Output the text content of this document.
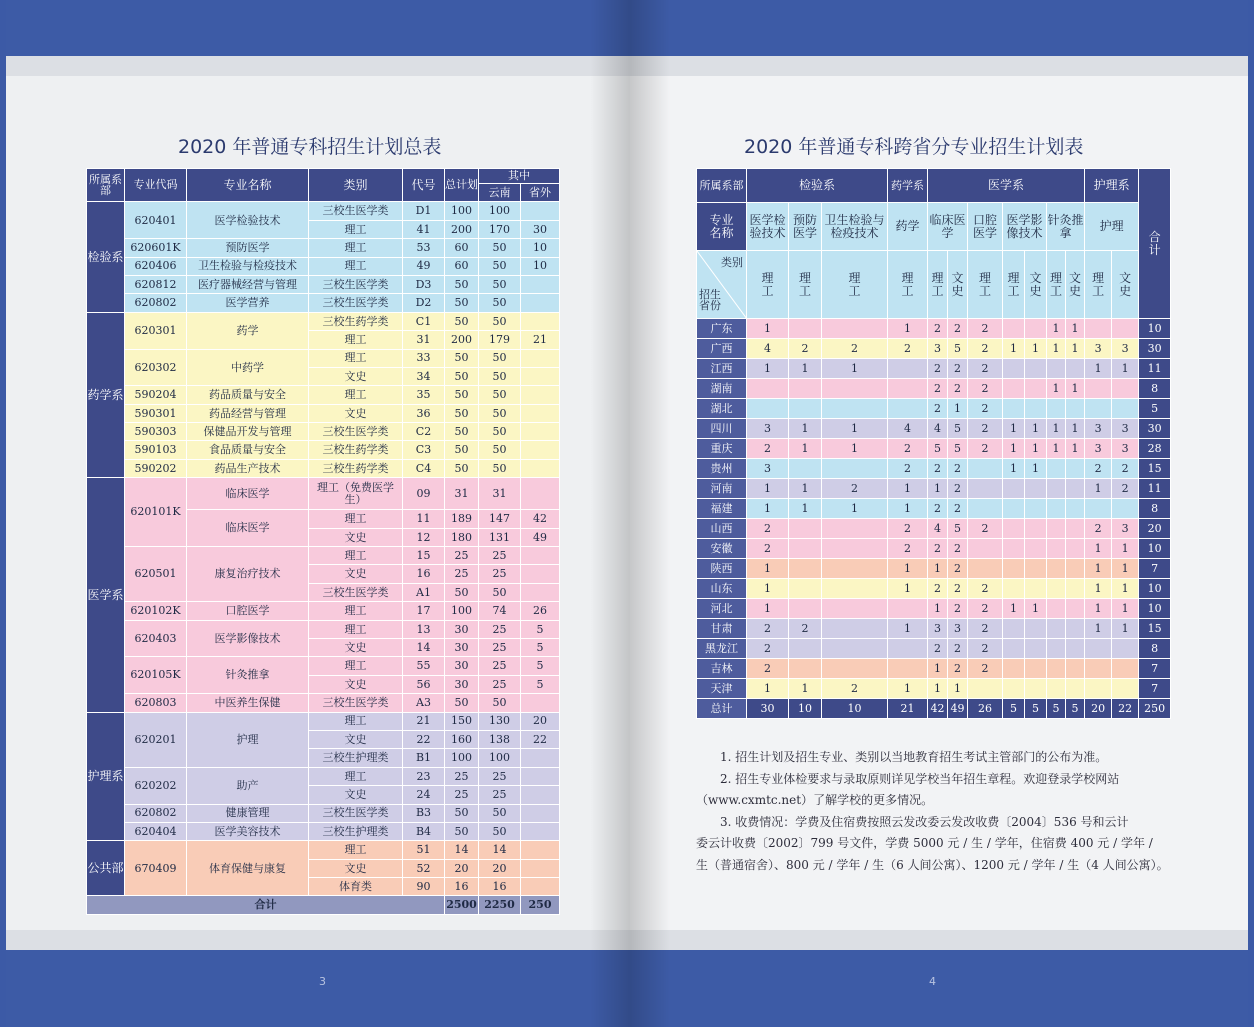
2020 年普通专科招生计划总表
3
所属系部	专业代码	专业名称	类别	代号	总计划	其中	
						云南	省外
检验系	620401	医学检验技术	三校生医学类	D1	100	100	
			理工	41	200	170	30
	620601K	预防医学	理工	53	60	50	10
	620406	卫生检验与检疫技术	理工	49	60	50	10
	620812	医疗器械经营与管理	三校生医学类	D3	50	50	
	620802	医学营养	三校生医学类	D2	50	50	
药学系	620301	药学	三校生药学类	C1	50	50	
			理工	31	200	179	21
	620302	中药学	理工	33	50	50	
			文史	34	50	50	
	590204	药品质量与安全	理工	35	50	50	
	590301	药品经营与管理	文史	36	50	50	
	590303	保健品开发与管理	三校生医学类	C2	50	50	
	590103	食品质量与安全	三校生药学类	C3	50	50	
	590202	药品生产技术	三校生药学类	C4	50	50	
医学系	620101K	临床医学	理工（免费医学生）	09	31	31	
		临床医学	理工	11	189	147	42
			文史	12	180	131	49
	620501	康复治疗技术	理工	15	25	25	
			文史	16	25	25	
			三校生医学类	A1	50	50	
	620102K	口腔医学	理工	17	100	74	26
	620403	医学影像技术	理工	13	30	25	5
			文史	14	30	25	5
	620105K	针灸推拿	理工	55	30	25	5
			文史	56	30	25	5
	620803	中医养生保健	三校生医学类	A3	50	50	
护理系	620201	护理	理工	21	150	130	20
			文史	22	160	138	22
			三校生护理类	B1	100	100	
	620202	助产	理工	23	25	25	
			文史	24	25	25	
	620802	健康管理	三校生医学类	B3	50	50	
	620404	医学美容技术	三校生护理类	B4	50	50	
公共部	670409	体育保健与康复	理工	51	14	14	
			文史	52	20	20	
			体育类	90	16	16	
合计					2500	2250	250
2020 年普通专科跨省分专业招生计划表
4
所属系部	检验系			药学系	医学系							护理系		合计
专业名称	医学检验技术	预防医学	卫生检验与检疫技术	药学	临床医学		口腔医学	医学影像技术		针灸推拿		护理		

类别
招生省份	理工	理工	理工	理工	理工	文史	理工	理工	文史	理工	文史	理工	文史	
广东	1			1	2	2	2			1	1			10
广西	4	2	2	2	3	5	2	1	1	1	1	3	3	30
江西	1	1	1		2	2	2					1	1	11
湖南					2	2	2			1	1			8
湖北					2	1	2							5
四川	3	1	1	4	4	5	2	1	1	1	1	3	3	30
重庆	2	1	1	2	5	5	2	1	1	1	1	3	3	28
贵州	3			2	2	2		1	1			2	2	15
河南	1	1	2	1	1	2						1	2	11
福建	1	1	1	1	2	2								8
山西	2			2	4	5	2					2	3	20
安徽	2			2	2	2						1	1	10
陕西	1			1	1	2						1	1	7
山东	1			1	2	2	2					1	1	10
河北	1				1	2	2	1	1			1	1	10
甘肃	2	2		1	3	3	2					1	1	15
黑龙江	2				2	2	2							8
吉林	2				1	2	2							7
天津	1	1	2	1	1	1								7
总计	30	10	10	21	42	49	26	5	5	5	5	20	22	250

1. 招生计划及招生专业、类别以当地教育招生考试主管部门的公布为准。

2. 招生专业体检要求与录取原则详见学校当年招生章程。欢迎登录学校网站

（www.cxmtc.net）了解学校的更多情况。

3. 收费情况：学费及住宿费按照云发改委云发改收费〔2004〕536 号和云计

委云计收费〔2002〕799 号文件，学费 5000 元 / 生 / 学年，住宿费 400 元 / 学年 /

生（普通宿舍）、800 元 / 学年 / 生（6 人间公寓）、1200 元 / 学年 / 生（4 人间公寓）。
